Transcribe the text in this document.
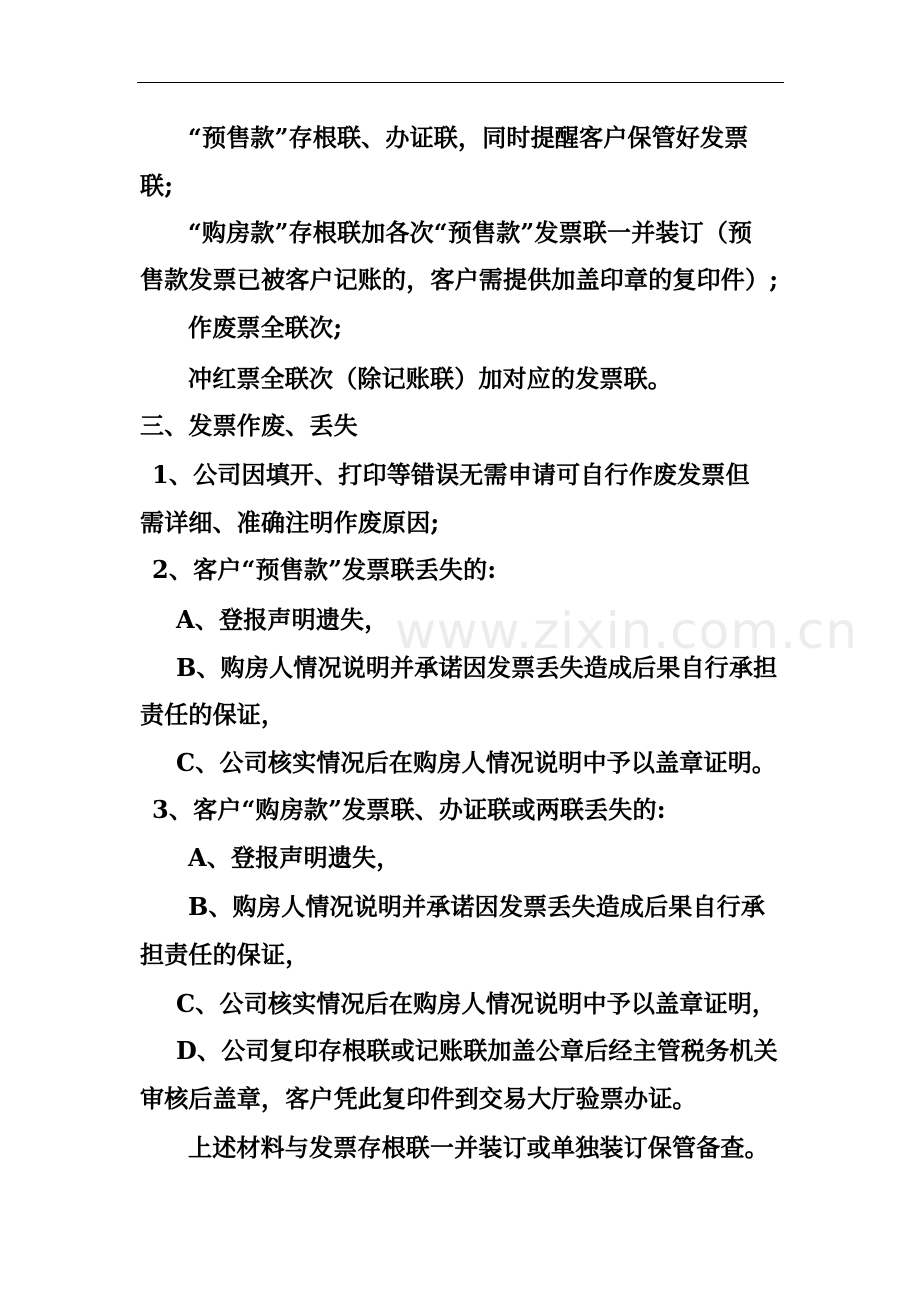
www.zixin.com.cn
“预售款”存根联、办证联，同时提醒客户保管好发票
联;
“购房款”存根联加各次“预售款”发票联一并装订（预
售款发票已被客户记账的，客户需提供加盖印章的复印件）;
作废票全联次;
冲红票全联次（除记账联）加对应的发票联。
三、发票作废、丢失
1、公司因填开、打印等错误无需申请可自行作废发票但
需详细、准确注明作废原因;
2、客户“预售款”发票联丢失的:
A、登报声明遗失，
B、购房人情况说明并承诺因发票丢失造成后果自行承担
责任的保证，
C、公司核实情况后在购房人情况说明中予以盖章证明。
3、客户“购房款”发票联、办证联或两联丢失的:
A、登报声明遗失，
B、购房人情况说明并承诺因发票丢失造成后果自行承
担责任的保证，
C、公司核实情况后在购房人情况说明中予以盖章证明，
D、公司复印存根联或记账联加盖公章后经主管税务机关
审核后盖章，客户凭此复印件到交易大厅验票办证。
上述材料与发票存根联一并装订或单独装订保管备查。
